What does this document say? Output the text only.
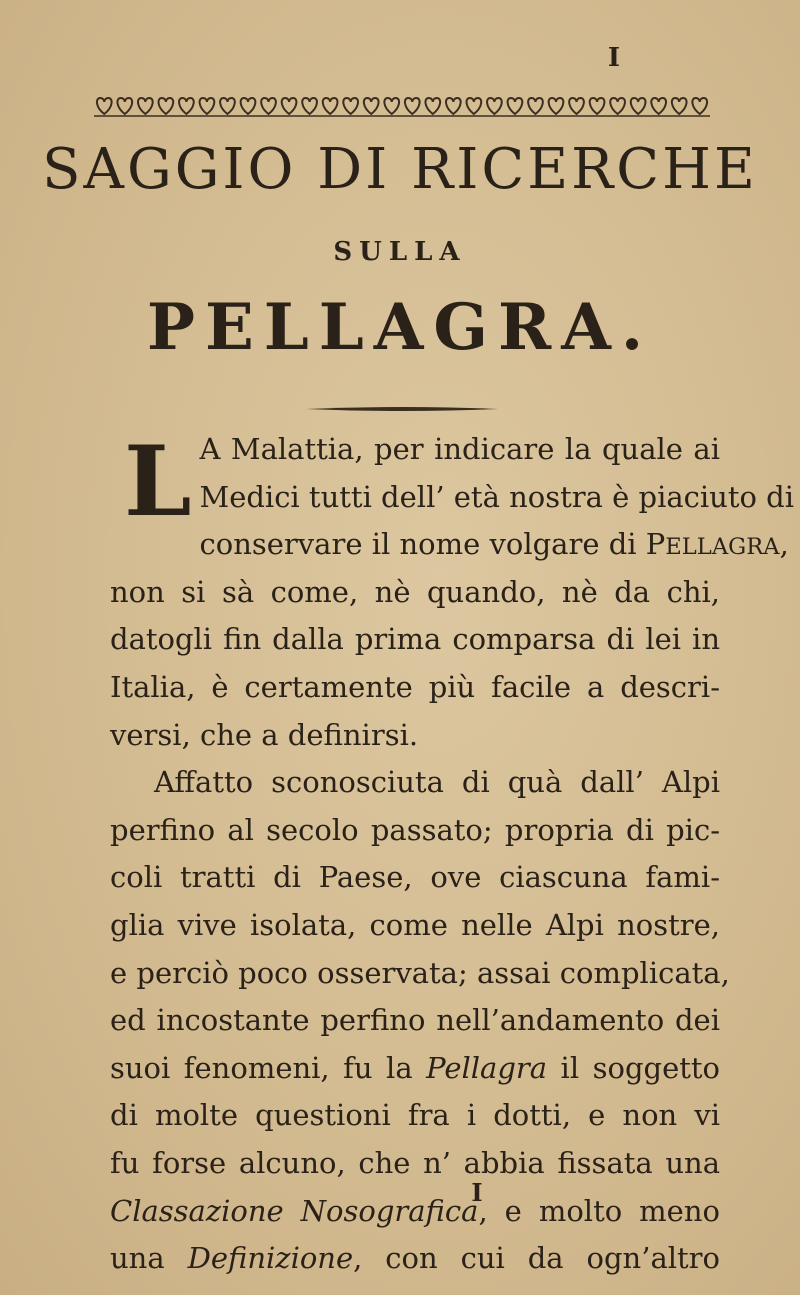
I
SAGGIO DI RICERCHE
SULLA
PELLAGRA.
L A Malattia, per indicare la quale ai
Medici tutti dell’ età nostra è piaciuto di
conservare il nome volgare di PELLAGRA,
non si sà come, nè quando, nè da chi,
datogli fin dalla prima comparsa di lei in
Italia, è certamente più facile a descri-
versi, che a definirsi.
Affatto sconosciuta di quà dall’ Alpi
perfino al secolo passato; propria di pic-
coli tratti di Paese, ove ciascuna fami-
glia vive isolata, come nelle Alpi nostre,
e perciò poco osservata; assai complicata,
ed incostante perfino nell’andamento dei
suoi fenomeni, fu la Pellagra il soggetto
di molte questioni fra i dotti, e non vi
fu forse alcuno, che n’ abbia fissata una
Classazione Nosografica, e molto meno
una Definizione, con cui da ogn’altro
I
